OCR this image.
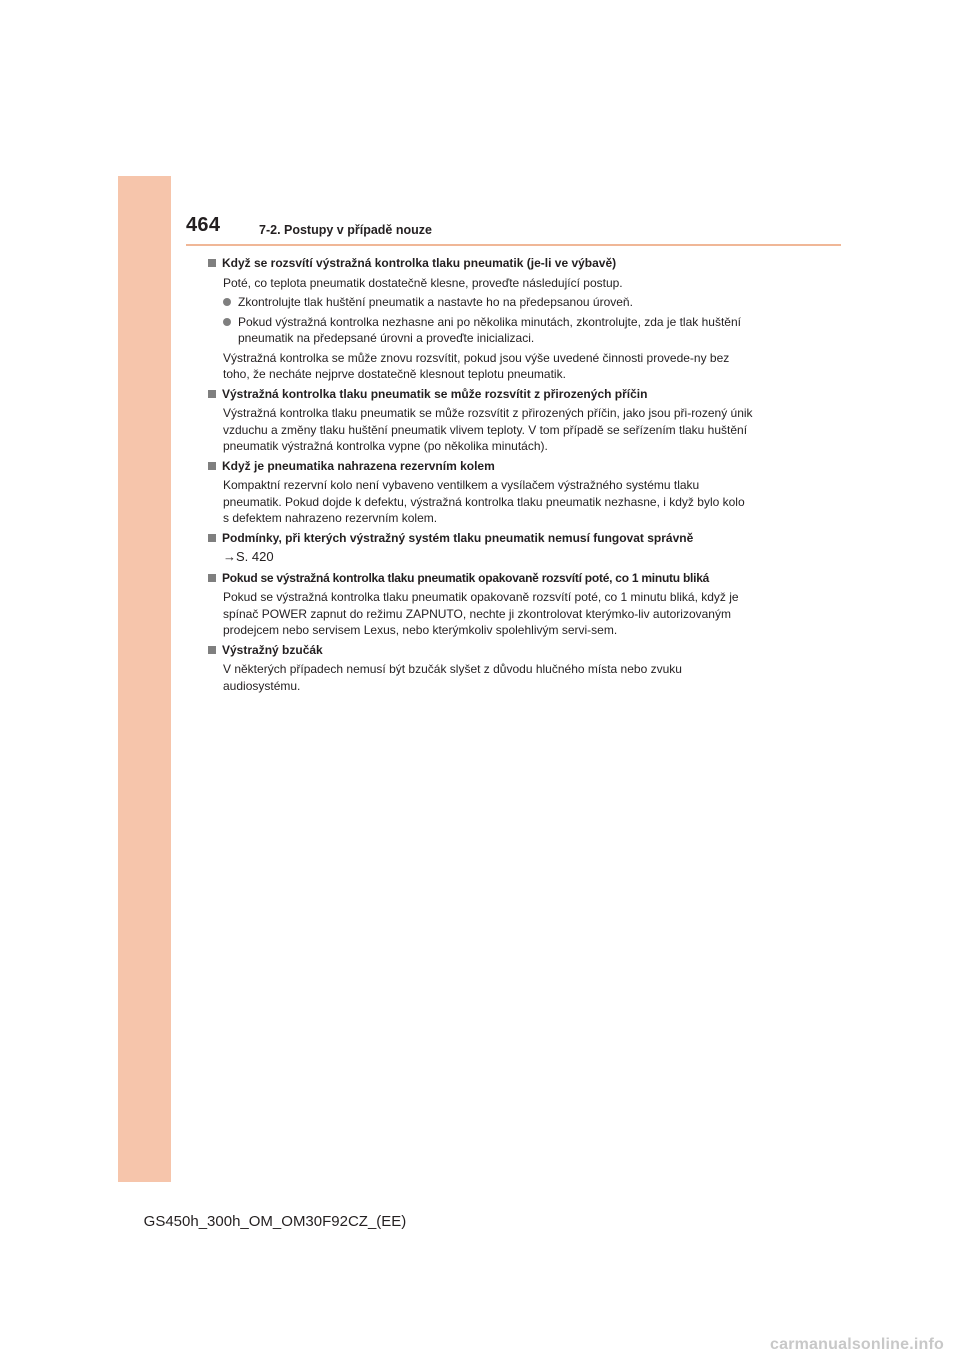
464	7-2. Postupy v případě nouze
Když se rozsvítí výstražná kontrolka tlaku pneumatik (je-li ve výbavě)
Poté, co teplota pneumatik dostatečně klesne, proveďte následující postup.
Zkontrolujte tlak huštění pneumatik a nastavte ho na předepsanou úroveň.
Pokud výstražná kontrolka nezhasne ani po několika minutách, zkontrolujte, zda je tlak huštění pneumatik na předepsané úrovni a proveďte inicializaci.
Výstražná kontrolka se může znovu rozsvítit, pokud jsou výše uvedené činnosti provede-ny bez toho, že necháte nejprve dostatečně klesnout teplotu pneumatik.
Výstražná kontrolka tlaku pneumatik se může rozsvítit z přirozených příčin
Výstražná kontrolka tlaku pneumatik se může rozsvítit z přirozených příčin, jako jsou při-rozený únik vzduchu a změny tlaku huštění pneumatik vlivem teploty. V tom případě se seřízením tlaku huštění pneumatik výstražná kontrolka vypne (po několika minutách).
Když je pneumatika nahrazena rezervním kolem
Kompaktní rezervní kolo není vybaveno ventilkem a vysílačem výstražného systému tlaku pneumatik. Pokud dojde k defektu, výstražná kontrolka tlaku pneumatik nezhasne, i když bylo kolo s defektem nahrazeno rezervním kolem.
Podmínky, při kterých výstražný systém tlaku pneumatik nemusí fungovat správně
→S. 420
Pokud se výstražná kontrolka tlaku pneumatik opakovaně rozsvítí poté, co 1 minutu bliká
Pokud se výstražná kontrolka tlaku pneumatik opakovaně rozsvítí poté, co 1 minutu bliká, když je spínač POWER zapnut do režimu ZAPNUTO, nechte ji zkontrolovat kterýmko-liv autorizovaným prodejcem nebo servisem Lexus, nebo kterýmkoliv spolehlivým servi-sem.
Výstražný bzučák
V některých případech nemusí být bzučák slyšet z důvodu hlučného místa nebo zvuku audiosystému.
GS450h_300h_OM_OM30F92CZ_(EE)
carmanualsonline.info
